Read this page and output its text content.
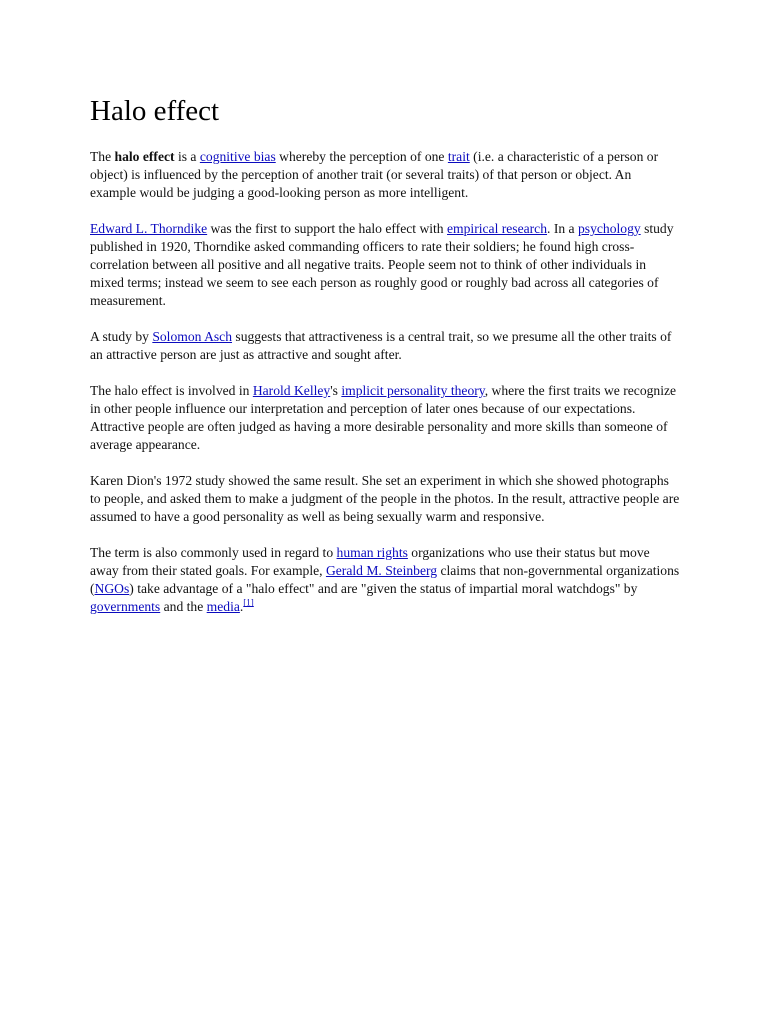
Halo effect

The halo effect is a cognitive bias whereby the perception of one trait (i.e. a characteristic of a person or object) is influenced by the perception of another trait (or several traits) of that person or object. An example would be judging a good-looking person as more intelligent.

Edward L. Thorndike was the first to support the halo effect with empirical research. In a psychology study published in 1920, Thorndike asked commanding officers to rate their soldiers; he found high cross-correlation between all positive and all negative traits. People seem not to think of other individuals in mixed terms; instead we seem to see each person as roughly good or roughly bad across all categories of measurement.

A study by Solomon Asch suggests that attractiveness is a central trait, so we presume all the other traits of an attractive person are just as attractive and sought after.

The halo effect is involved in Harold Kelley's implicit personality theory, where the first traits we recognize in other people influence our interpretation and perception of later ones because of our expectations. Attractive people are often judged as having a more desirable personality and more skills than someone of average appearance.

Karen Dion's 1972 study showed the same result. She set an experiment in which she showed photographs to people, and asked them to make a judgment of the people in the photos. In the result, attractive people are assumed to have a good personality as well as being sexually warm and responsive.

The term is also commonly used in regard to human rights organizations who use their status but move away from their stated goals. For example, Gerald M. Steinberg claims that non-governmental organizations (NGOs) take advantage of a "halo effect" and are "given the status of impartial moral watchdogs" by governments and the media.[1]
